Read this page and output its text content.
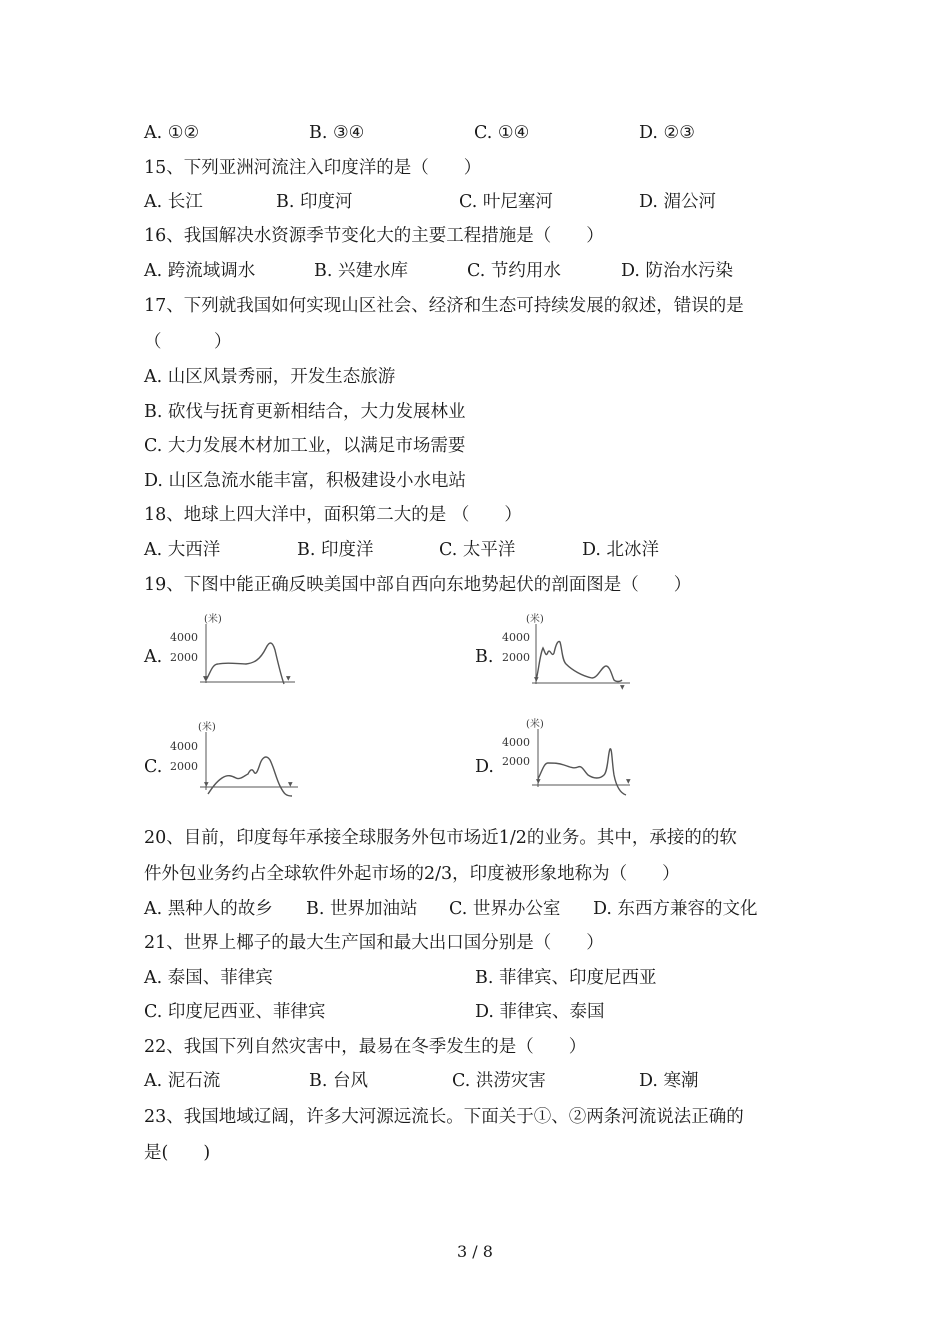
A. ①②	B. ③④	C. ①④	D. ②③
15、下列亚洲河流注入印度洋的是（　　）
A. 长江	B. 印度河	C. 叶尼塞河	D. 湄公河
16、我国解决水资源季节变化大的主要工程措施是（　　）
A. 跨流域调水	B. 兴建水库	C. 节约用水	D. 防治水污染
17、下列就我国如何实现山区社会、经济和生态可持续发展的叙述，错误的是
（　　　）
A. 山区风景秀丽，开发生态旅游
B. 砍伐与抚育更新相结合，大力发展林业
C. 大力发展木材加工业，以满足市场需要
D. 山区急流水能丰富，积极建设小水电站
18、地球上四大洋中，面积第二大的是 （　　）
A. 大西洋	B. 印度洋	C. 太平洋	D. 北冰洋
19、下图中能正确反映美国中部自西向东地势起伏的剖面图是（　　）
A.
(米)
4000
2000
▼	▼
B.
(米)
4000
2000
▼
▼
C.
(米)
4000
2000
▼	▼
D.
(米)
4000
2000
▼	▼
20、目前，印度每年承接全球服务外包市场近1/2的业务。其中，承接的的软
件外包业务约占全球软件外起市场的2/3，印度被形象地称为（　　）
A. 黑种人的故乡 B. 世界加油站 C. 世界办公室 D. 东西方兼容的文化
21、世界上椰子的最大生产国和最大出口国分别是（　　）
A. 泰国、菲律宾	B. 菲律宾、印度尼西亚
C. 印度尼西亚、菲律宾	D. 菲律宾、泰国
22、我国下列自然灾害中，最易在冬季发生的是（　　）
A. 泥石流	B. 台风	C. 洪涝灾害	D. 寒潮
23、我国地域辽阔，许多大河源远流长。下面关于①、②两条河流说法正确的
是(　　)
3 / 8
